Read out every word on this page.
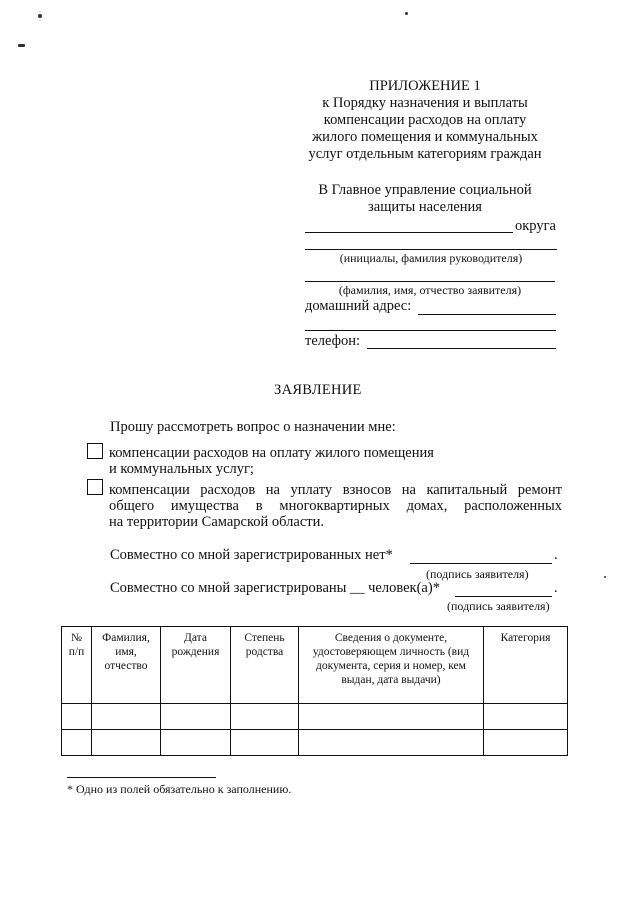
ПРИЛОЖЕНИЕ 1
к Порядку назначения и выплаты
компенсации расходов на оплату
жилого помещения и коммунальных
услуг отдельным категориям граждан
В Главное управление социальной
защиты населения
округа
(инициалы, фамилия руководителя)
(фамилия, имя, отчество заявителя)
домашний адрес:
телефон:
ЗАЯВЛЕНИЕ
Прошу рассмотреть вопрос о назначении мне:
компенсации расходов на оплату жилого помещения
и коммунальных услуг;
компенсации расходов на уплату взносов на капитальный ремонт
общего имущества в многоквартирных домах, расположенных
на территории Самарской области.
Совместно со мной зарегистрированных нет*	.
(подпись заявителя)
Совместно со мной зарегистрированы __ человек(а)*	.
(подпись заявителя)
№ п/п	Фамилия, имя, отчество	Дата рождения	Степень родства	Сведения о документе, удостоверяющем личность (вид документа, серия и номер, кем выдан, дата выдачи)	Категория

* Одно из полей обязательно к заполнению.
